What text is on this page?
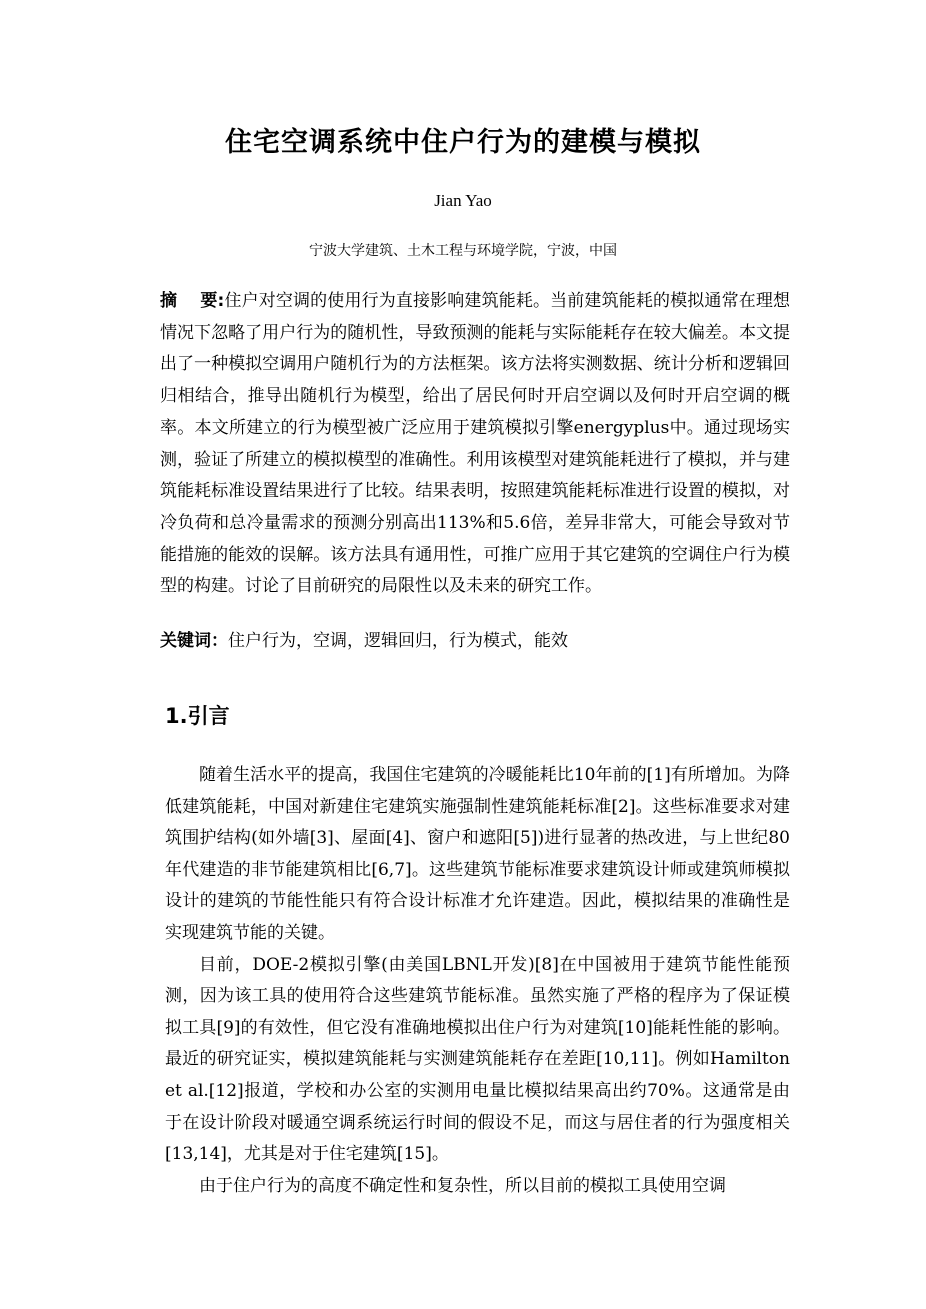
住宅空调系统中住户行为的建模与模拟
Jian Yao
宁波大学建筑、土木工程与环境学院，宁波，中国
摘　 要:住户对空调的使用行为直接影响建筑能耗。当前建筑能耗的模拟通常在理想情况下忽略了用户行为的随机性，导致预测的能耗与实际能耗存在较大偏差。本文提出了一种模拟空调用户随机行为的方法框架。该方法将实测数据、统计分析和逻辑回归相结合，推导出随机行为模型，给出了居民何时开启空调以及何时开启空调的概率。本文所建立的行为模型被广泛应用于建筑模拟引擎energyplus中。通过现场实测，验证了所建立的模拟模型的准确性。利用该模型对建筑能耗进行了模拟，并与建筑能耗标准设置结果进行了比较。结果表明，按照建筑能耗标准进行设置的模拟，对冷负荷和总冷量需求的预测分别高出113%和5.6倍，差异非常大，可能会导致对节能措施的能效的误解。该方法具有通用性，可推广应用于其它建筑的空调住户行为模型的构建。讨论了目前研究的局限性以及未来的研究工作。
关键词：住户行为，空调，逻辑回归，行为模式，能效
1.引言

随着生活水平的提高，我国住宅建筑的冷暖能耗比10年前的[1]有所增加。为降低建筑能耗，中国对新建住宅建筑实施强制性建筑能耗标准[2]。这些标准要求对建筑围护结构(如外墙[3]、屋面[4]、窗户和遮阳[5])进行显著的热改进，与上世纪80年代建造的非节能建筑相比[6,7]。这些建筑节能标准要求建筑设计师或建筑师模拟设计的建筑的节能性能只有符合设计标准才允许建造。因此，模拟结果的准确性是实现建筑节能的关键。

目前，DOE-2模拟引擎(由美国LBNL开发)[8]在中国被用于建筑节能性能预测，因为该工具的使用符合这些建筑节能标准。虽然实施了严格的程序为了保证模拟工具[9]的有效性，但它没有准确地模拟出住户行为对建筑[10]能耗性能的影响。最近的研究证实，模拟建筑能耗与实测建筑能耗存在差距[10,11]。例如Hamilton et al.[12]报道，学校和办公室的实测用电量比模拟结果高出约70%。这通常是由于在设计阶段对暖通空调系统运行时间的假设不足，而这与居住者的行为强度相关[13,14]，尤其是对于住宅建筑[15]。

由于住户行为的高度不确定性和复杂性，所以目前的模拟工具使用空调
